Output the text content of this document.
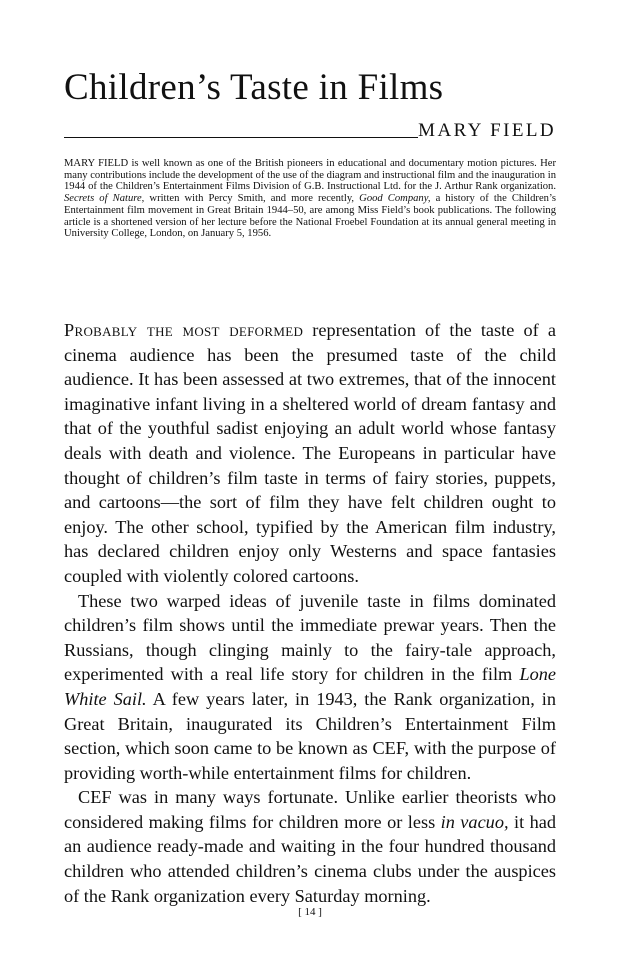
Children’s Taste in Films
MARY FIELD

MARY FIELD is well known as one of the British pioneers in educational and documentary motion pictures. Her many contributions include the development of the use of the diagram and instructional film and the inauguration in 1944 of the Children’s Entertainment Films Division of G.B. Instructional Ltd. for the J. Arthur Rank organization. Secrets of Nature, written with Percy Smith, and more recently, Good Company, a history of the Children’s Entertainment film movement in Great Britain 1944–50, are among Miss Field’s book publications. The following article is a shortened version of her lecture before the National Froebel Foundation at its annual general meeting in University College, London, on January 5, 1956.

Probably the most deformed representation of the taste of a cinema audience has been the presumed taste of the child audience. It has been assessed at two extremes, that of the innocent imaginative infant living in a sheltered world of dream fantasy and that of the youthful sadist enjoying an adult world whose fantasy deals with death and violence. The Europeans in particular have thought of children’s film taste in terms of fairy stories, puppets, and cartoons—the sort of film they have felt children ought to enjoy. The other school, typified by the American film industry, has declared children enjoy only Westerns and space fantasies coupled with violently colored cartoons.

These two warped ideas of juvenile taste in films dominated children’s film shows until the immediate prewar years. Then the Russians, though clinging mainly to the fairy-tale approach, experimented with a real life story for children in the film Lone White Sail. A few years later, in 1943, the Rank organization, in Great Britain, inaugurated its Children’s Entertainment Film section, which soon came to be known as CEF, with the purpose of providing worth-while entertainment films for children.

CEF was in many ways fortunate. Unlike earlier theorists who considered making films for children more or less in vacuo, it had an audience ready-made and waiting in the four hundred thousand children who attended children’s cinema clubs under the auspices of the Rank organization every Saturday morning.

[ 14 ]
